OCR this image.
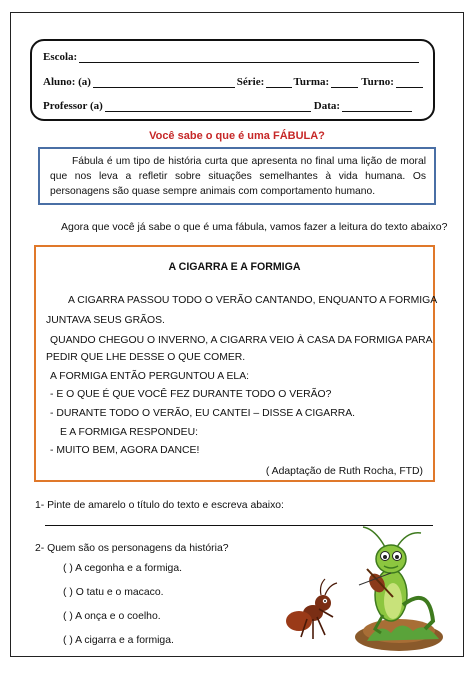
Escola:
Aluno: (a)	Série:	Turma:	Turno:
Professor (a)	Data:
Você sabe o que é uma FÁBULA?

Fábula é um tipo de história curta que apresenta no final uma lição de moral que nos leva a refletir sobre situações semelhantes à vida humana. Os personagens são quase sempre animais com comportamento humano.

Agora que você já sabe o que é uma fábula, vamos fazer a leitura do texto abaixo?
A CIGARRA E A FORMIGA
A CIGARRA PASSOU TODO O VERÃO CANTANDO, ENQUANTO A FORMIGA
JUNTAVA SEUS GRÃOS.
QUANDO CHEGOU O INVERNO, A CIGARRA VEIO À CASA DA FORMIGA PARA
PEDIR QUE LHE DESSE O QUE COMER.
A FORMIGA ENTÃO PERGUNTOU A ELA:
- E O QUE É QUE VOCÊ FEZ DURANTE TODO O VERÃO?
- DURANTE TODO O VERÃO, EU CANTEI – DISSE A CIGARRA.
E A FORMIGA RESPONDEU:
- MUITO BEM, AGORA DANCE!
( Adaptação de Ruth Rocha, FTD)
1- Pinte de amarelo o título do texto e escreva abaixo:
2- Quem são os personagens da história?
( ) A cegonha e a formiga.
( ) O tatu e o macaco.
( ) A onça e o coelho.
( ) A cigarra e a formiga.
